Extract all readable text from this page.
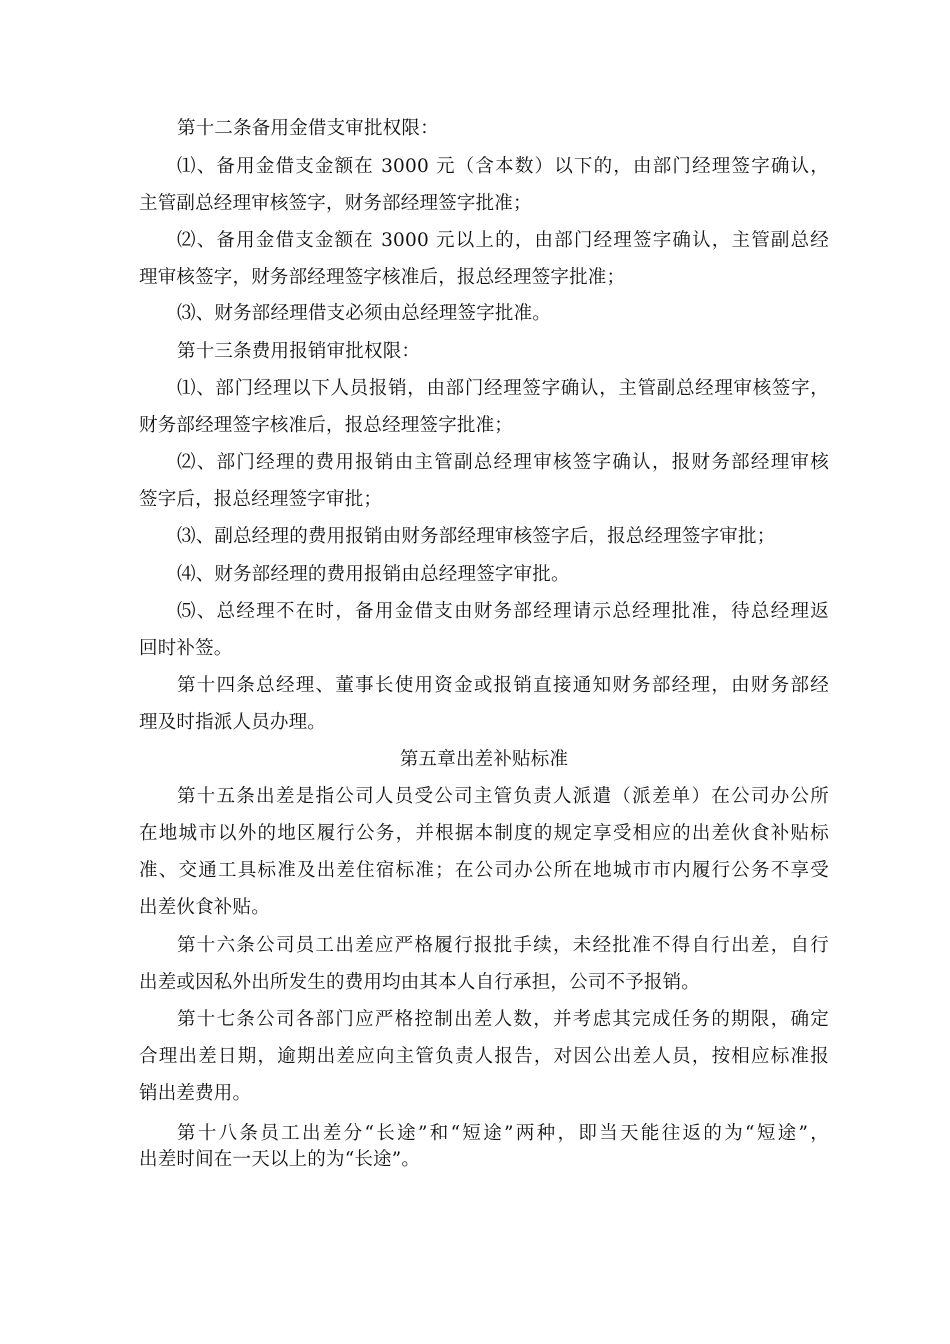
第十二条备用金借支审批权限：
⑴、备用金借支金额在 3000 元（含本数）以下的，由部门经理签字确认，
主管副总经理审核签字，财务部经理签字批准；
⑵、备用金借支金额在 3000 元以上的，由部门经理签字确认，主管副总经
理审核签字，财务部经理签字核准后，报总经理签字批准；
⑶、财务部经理借支必须由总经理签字批准。
第十三条费用报销审批权限：
⑴、部门经理以下人员报销，由部门经理签字确认，主管副总经理审核签字，
财务部经理签字核准后，报总经理签字批准；
⑵、部门经理的费用报销由主管副总经理审核签字确认，报财务部经理审核
签字后，报总经理签字审批；
⑶、副总经理的费用报销由财务部经理审核签字后，报总经理签字审批；
⑷、财务部经理的费用报销由总经理签字审批。
⑸、总经理不在时，备用金借支由财务部经理请示总经理批准，待总经理返
回时补签。
第十四条总经理、董事长使用资金或报销直接通知财务部经理，由财务部经
理及时指派人员办理。
第五章出差补贴标准
第十五条出差是指公司人员受公司主管负责人派遣（派差单）在公司办公所
在地城市以外的地区履行公务，并根据本制度的规定享受相应的出差伙食补贴标
准、交通工具标准及出差住宿标准；在公司办公所在地城市市内履行公务不享受
出差伙食补贴。
第十六条公司员工出差应严格履行报批手续，未经批准不得自行出差，自行
出差或因私外出所发生的费用均由其本人自行承担，公司不予报销。
第十七条公司各部门应严格控制出差人数，并考虑其完成任务的期限，确定
合理出差日期，逾期出差应向主管负责人报告，对因公出差人员，按相应标准报
销出差费用。
第十八条员工出差分“长途”和“短途”两种，即当天能往返的为“短途”，
出差时间在一天以上的为“长途”。
